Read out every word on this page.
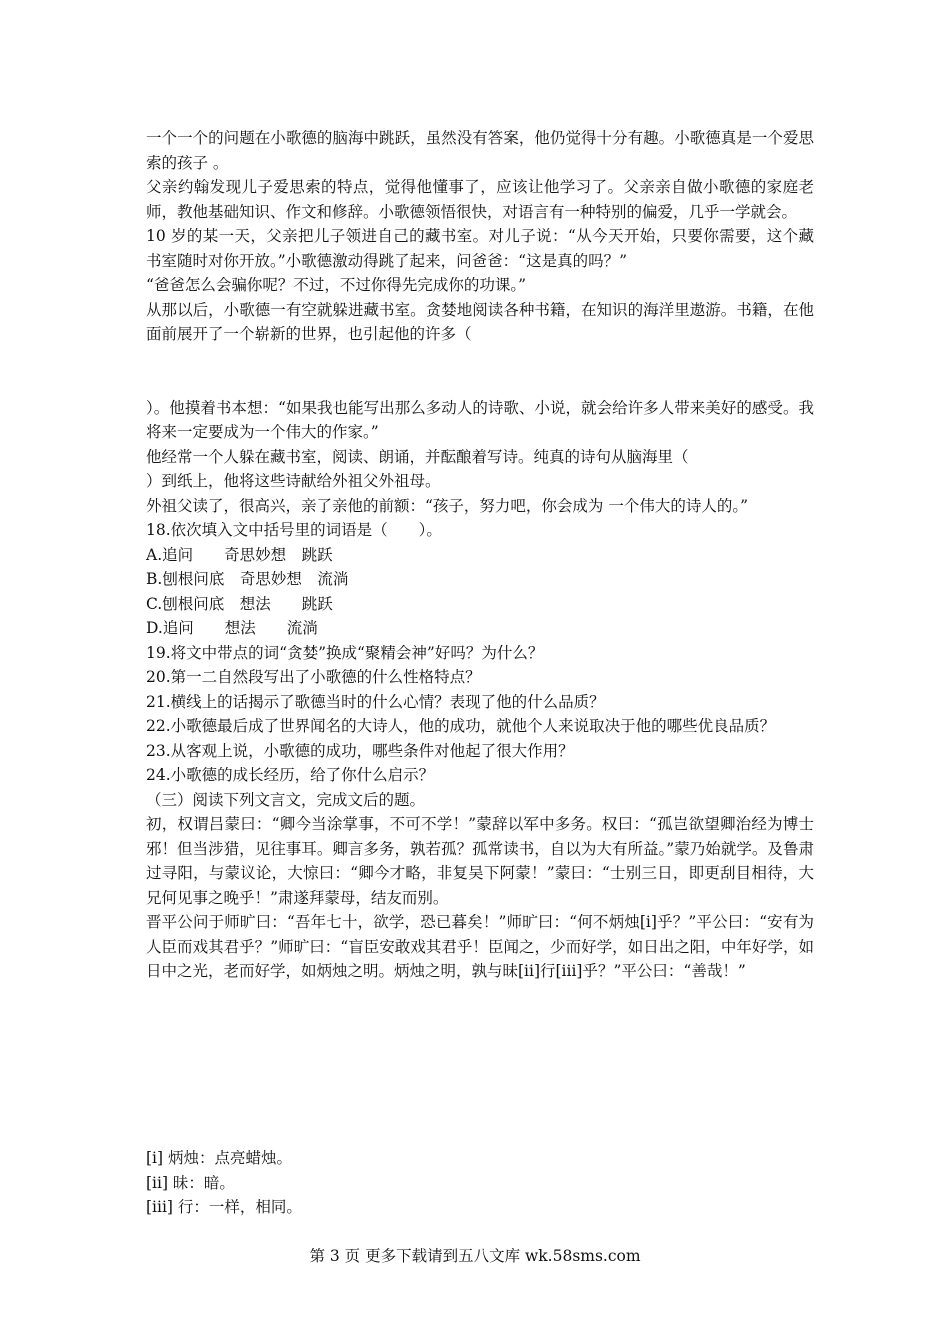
一个一个的问题在小歌德的脑海中跳跃，虽然没有答案，他仍觉得十分有趣。小歌德真是一个爱思索的孩子 。

父亲约翰发现儿子爱思索的特点，觉得他懂事了，应该让他学习了。父亲亲自做小歌德的家庭老师，教他基础知识、作文和修辞。小歌德领悟很快，对语言有一种特别的偏爱，几乎一学就会。

10 岁的某一天，父亲把儿子领进自己的藏书室。对儿子说：“从今天开始，只要你需要，这个藏书室随时对你开放。”小歌德激动得跳了起来，问爸爸：“这是真的吗？”

“爸爸怎么会骗你呢？不过，不过你得先完成你的功课。”

从那以后，小歌德一有空就躲进藏书室。贪婪地阅读各种书籍，在知识的海洋里遨游。书籍，在他面前展开了一个崭新的世界，也引起他的许多（

）。他摸着书本想：“如果我也能写出那么多动人的诗歌、小说，就会给许多人带来美好的感受。我将来一定要成为一个伟大的作家。”

他经常一个人躲在藏书室，阅读、朗诵，并酝酿着写诗。纯真的诗句从脑海里（

）到纸上，他将这些诗献给外祖父外祖母。

外祖父读了，很高兴，亲了亲他的前额：“孩子，努力吧，你会成为 一个伟大的诗人的。”

18.依次填入文中括号里的词语是（　　）。

A.追问　　奇思妙想　跳跃

B.刨根问底　奇思妙想　流淌

C.刨根问底　想法　　跳跃

D.追问　　想法　　流淌

19.将文中带点的词“贪婪”换成“聚精会神”好吗？为什么？

20.第一二自然段写出了小歌德的什么性格特点？

21.横线上的话揭示了歌德当时的什么心情？表现了他的什么品质？

22.小歌德最后成了世界闻名的大诗人，他的成功，就他个人来说取决于他的哪些优良品质？

23.从客观上说，小歌德的成功，哪些条件对他起了很大作用？

24.小歌德的成长经历，给了你什么启示？

（三）阅读下列文言文，完成文后的题。

初，权谓吕蒙曰：“卿今当涂掌事，不可不学！”蒙辞以军中多务。权曰：“孤岂欲望卿治经为博士邪！但当涉猎，见往事耳。卿言多务，孰若孤？孤常读书，自以为大有所益。”蒙乃始就学。及鲁肃过寻阳，与蒙议论，大惊曰：“卿今才略，非复吴下阿蒙！”蒙曰：“士别三日，即更刮目相待，大兄何见事之晚乎！”肃遂拜蒙母，结友而别。

晋平公问于师旷曰：“吾年七十，欲学，恐已暮矣！”师旷曰：“何不炳烛[i]乎？”平公曰：“安有为人臣而戏其君乎？”师旷曰：“盲臣安敢戏其君乎！臣闻之，少而好学，如日出之阳，中年好学，如日中之光，老而好学，如炳烛之明。炳烛之明，孰与昧[ii]行[iii]乎？”平公曰：“善哉！”

[i] 炳烛：点亮蜡烛。

[ii] 昧：暗。

[iii] 行：一样，相同。

第 3 页 更多下载请到五八文库 wk.58sms.com
